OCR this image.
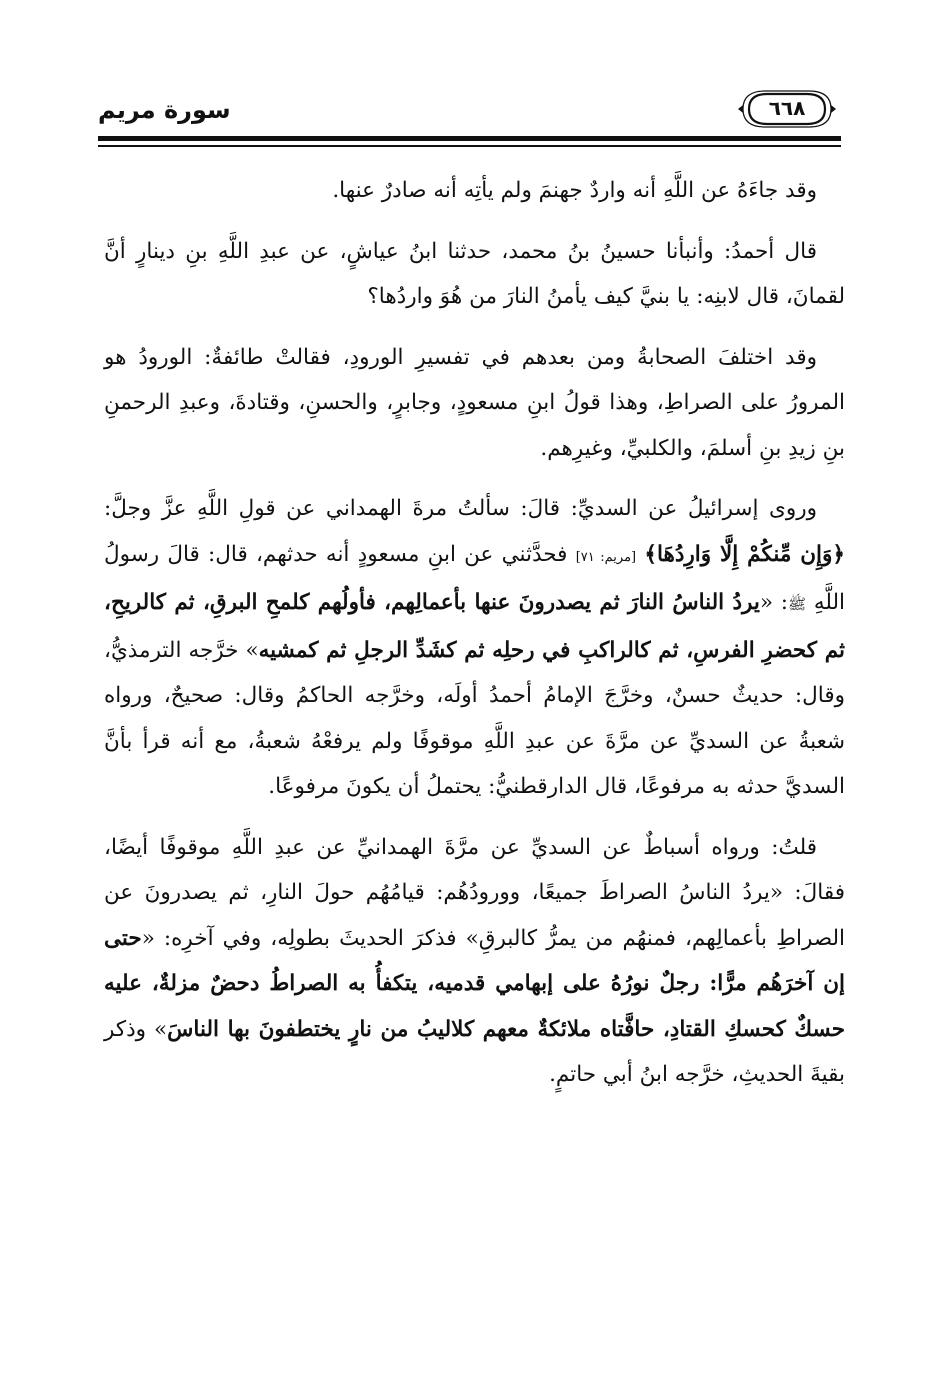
سورة مريم	٦٦٨

وقد جاءَهُ عن اللَّهِ أنه واردٌ جهنمَ ولم يأتِه أنه صادرٌ عنها.

قال أحمدُ: وأنبأنا حسينُ بنُ محمد، حدثنا ابنُ عياشٍ، عن عبدِ اللَّهِ بنِ دينارٍ أنَّ لقمانَ، قال لابنِه: يا بنيَّ كيف يأمنُ النارَ من هُوَ واردُها؟

وقد اختلفَ الصحابةُ ومن بعدهم في تفسيرِ الورودِ، فقالتْ طائفةٌ: الورودُ هو المرورُ على الصراطِ، وهذا قولُ ابنِ مسعودٍ، وجابرٍ، والحسنِ، وقتادةَ، وعبدِ الرحمنِ بنِ زيدِ بنِ أسلمَ، والكلبيِّ، وغيرِهم.

وروى إسرائيلُ عن السديِّ: قالَ: سألتُ مرةَ الهمداني عن قولِ اللَّهِ عزَّ وجلَّ: ﴿وَإِن مِّنكُمْ إِلَّا وَارِدُهَا﴾ [مريم: ٧١] فحدَّثني عن ابنِ مسعودٍ أنه حدثهم، قال: قالَ رسولُ اللَّهِ ﷺ: «يردُ الناسُ النارَ ثم يصدرونَ عنها بأعمالِهم، فأولُهم كلمحِ البرقِ، ثم كالريحِ، ثم كحضرِ الفرسِ، ثم كالراكبِ في رحلِه ثم كشَدِّ الرجلِ ثم كمشيه» خرَّجه الترمذيُّ، وقال: حديثٌ حسنٌ، وخرَّجَ الإمامُ أحمدُ أولَه، وخرَّجه الحاكمُ وقال: صحيحٌ، ورواه شعبةُ عن السديِّ عن مرَّةَ عن عبدِ اللَّهِ موقوفًا ولم يرفعْهُ شعبةُ، مع أنه قرأ بأنَّ السديَّ حدثه به مرفوعًا، قال الدارقطنيُّ: يحتملُ أن يكونَ مرفوعًا.

قلتُ: ورواه أسباطٌ عن السديِّ عن مرَّةَ الهمدانيِّ عن عبدِ اللَّهِ موقوفًا أيضًا، فقالَ: «يردُ الناسُ الصراطَ جميعًا، وورودُهُم: قيامُهُم حولَ النارِ، ثم يصدرونَ عن الصراطِ بأعمالِهم، فمنهُم من يمرُّ كالبرقِ» فذكرَ الحديثَ بطولِه، وفي آخرِه: «حتى إن آخرَهُم مرًّا: رجلٌ نورُهُ على إبهامي قدميه، يتكفأُ به الصراطُ دحضٌ مزلةٌ، عليه حسكٌ كحسكِ القتادِ، حافَّتاه ملائكةٌ معهم كلاليبُ من نارٍ يختطفونَ بها الناسَ» وذكر بقيةَ الحديثِ، خرَّجه ابنُ أبي حاتمٍ.
